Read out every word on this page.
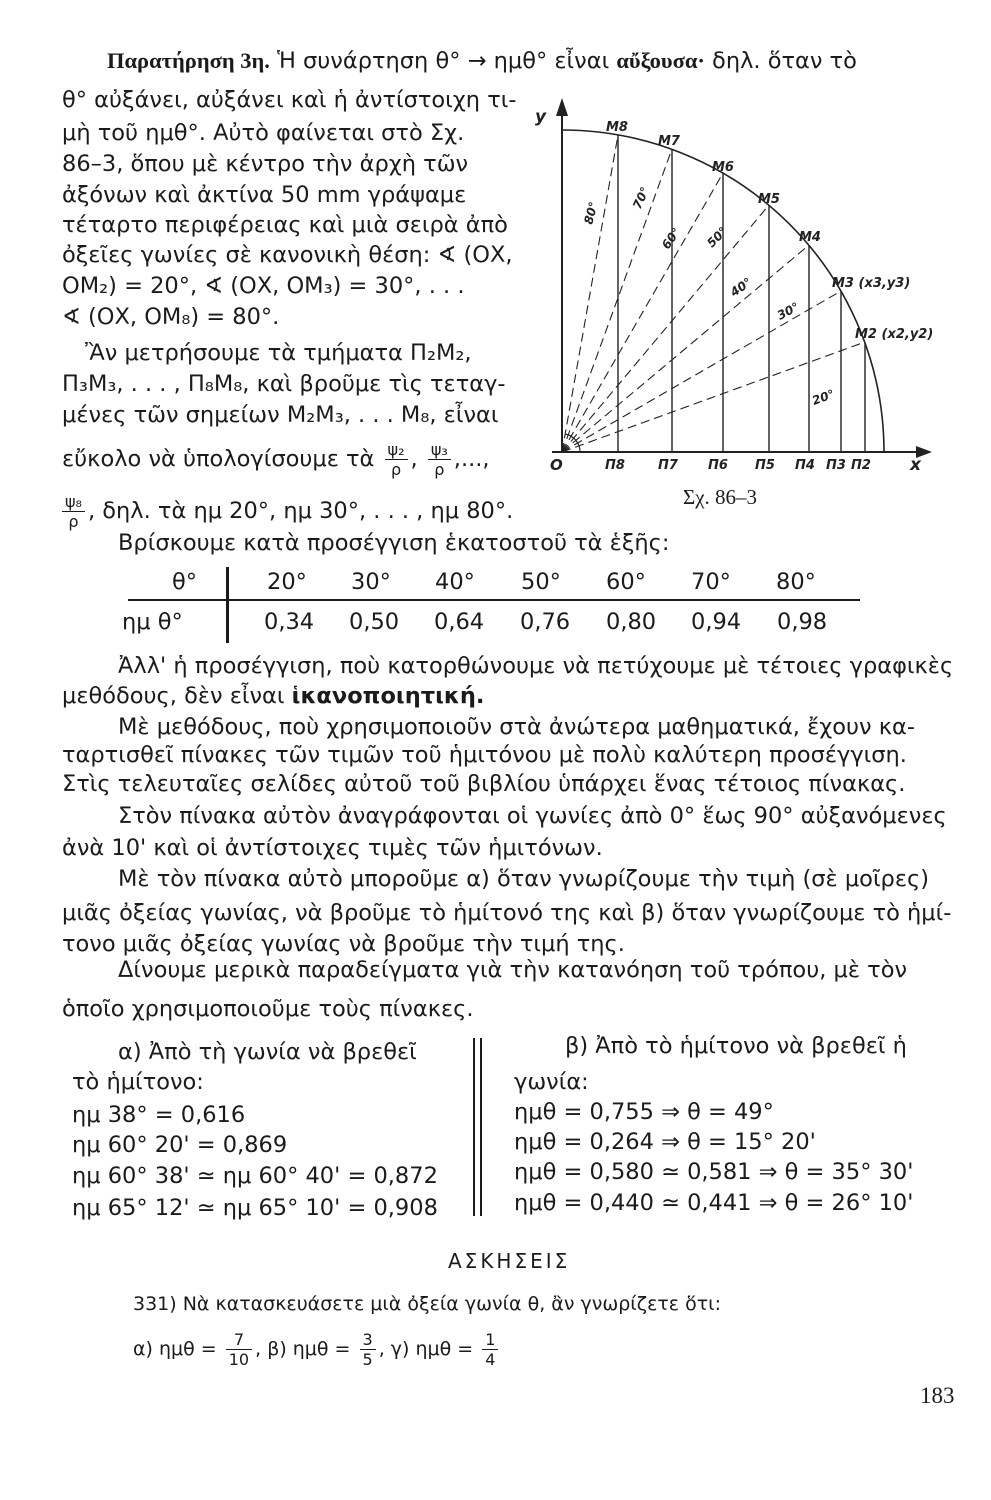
Παρατήρηση 3η. Ἡ συνάρτηση θ° → ημθ° εἶναι αὔξουσα· δηλ. ὅταν τὸ
θ° αὐξάνει, αὐξάνει καὶ ἡ ἀντίστοιχη τι-
μὴ τοῦ ημθ°. Αὐτὸ φαίνεται στὸ Σχ.
86–3, ὅπου μὲ κέντρο τὴν ἀρχὴ τῶν
ἀξόνων καὶ ἀκτίνα 50 mm γράψαμε
τέταρτο περιφέρειας καὶ μιὰ σειρὰ ἀπὸ
ὀξεῖες γωνίες σὲ κανονικὴ θέση: ∢ (ΟΧ,
ΟΜ₂) = 20°, ∢ (ΟΧ, ΟΜ₃) = 30°, . . .
∢ (ΟΧ, ΟΜ₈) = 80°.
Ἂν μετρήσουμε τὰ τμήματα Π₂Μ₂,
Π₃Μ₃, . . . , Π₈Μ₈, καὶ βροῦμε τὶς τεταγ-
μένες τῶν σημείων Μ₂Μ₃, . . . Μ₈, εἶναι
εὔκολο νὰ ὑπολογίσουμε τὰ $\frac{\text{ψ₂}}{\rho}$ , $\frac{\text{ψ₃}}{\rho}$ ,...,
$\frac{\text{ψ₈}}{\rho}$ , δηλ. τὰ ημ 20°, ημ 30°, . . . , ημ 80°.
y
x
O
M8
M7
M6
M5
M4
M3 (x3,y3)
M2 (x2,y2)
Π8	Π7 Π6 Π5 Π4 Π3 Π2
80°
70°
60° 50°
40°
30°
20°
Σχ. 86–3
Βρίσκουμε κατὰ προσέγγιση ἑκατοστοῦ τὰ ἑξῆς:
θ°
ημ θ°
20° 30° 40° 50° 60° 70° 80°
0,34 0,50 0,64 0,76 0,80 0,94 0,98
Ἀλλ' ἡ προσέγγιση, ποὺ κατορθώνουμε νὰ πετύχουμε μὲ τέτοιες γραφικὲς
μεθόδους, δὲν εἶναι ἱκανοποιητική.
Μὲ μεθόδους, ποὺ χρησιμοποιοῦν στὰ ἀνώτερα μαθηματικά, ἔχουν κα-
ταρτισθεῖ πίνακες τῶν τιμῶν τοῦ ἡμιτόνου μὲ πολὺ καλύτερη προσέγγιση.
Στὶς τελευταῖες σελίδες αὐτοῦ τοῦ βιβλίου ὑπάρχει ἕνας τέτοιος πίνακας.
Στὸν πίνακα αὐτὸν ἀναγράφονται οἱ γωνίες ἀπὸ 0° ἕως 90° αὐξανόμενες
ἀνὰ 10' καὶ οἱ ἀντίστοιχες τιμὲς τῶν ἡμιτόνων.
Μὲ τὸν πίνακα αὐτὸ μποροῦμε α) ὅταν γνωρίζουμε τὴν τιμὴ (σὲ μοῖρες)
μιᾶς ὀξείας γωνίας, νὰ βροῦμε τὸ ἡμίτονό της καὶ β) ὅταν γνωρίζουμε τὸ ἡμί-
τονο μιᾶς ὀξείας γωνίας νὰ βροῦμε τὴν τιμή της.
Δίνουμε μερικὰ παραδείγματα γιὰ τὴν κατανόηση τοῦ τρόπου, μὲ τὸν
ὁποῖο χρησιμοποιοῦμε τοὺς πίνακες.
α) Ἀπὸ τὴ γωνία νὰ βρεθεῖ
τὸ ἡμίτονο:
ημ 38° = 0,616
ημ 60° 20' = 0,869
ημ 60° 38' ≃ ημ 60° 40' = 0,872
ημ 65° 12' ≃ ημ 65° 10' = 0,908
β) Ἀπὸ τὸ ἡμίτονο νὰ βρεθεῖ ἡ
γωνία:
ημθ = 0,755 ⇒ θ = 49°
ημθ = 0,264 ⇒ θ = 15° 20'
ημθ = 0,580 ≃ 0,581 ⇒ θ = 35° 30'
ημθ = 0,440 ≃ 0,441 ⇒ θ = 26° 10'
ΑΣΚΗΣΕΙΣ
331) Νὰ κατασκευάσετε μιὰ ὀξεία γωνία θ, ἂν γνωρίζετε ὅτι:
α) $\eta\mu\theta = \frac{7}{10}$ , β) $\eta\mu\theta = \frac{3}{5}$ , γ) $\eta\mu\theta = \frac{1}{4}$
183
